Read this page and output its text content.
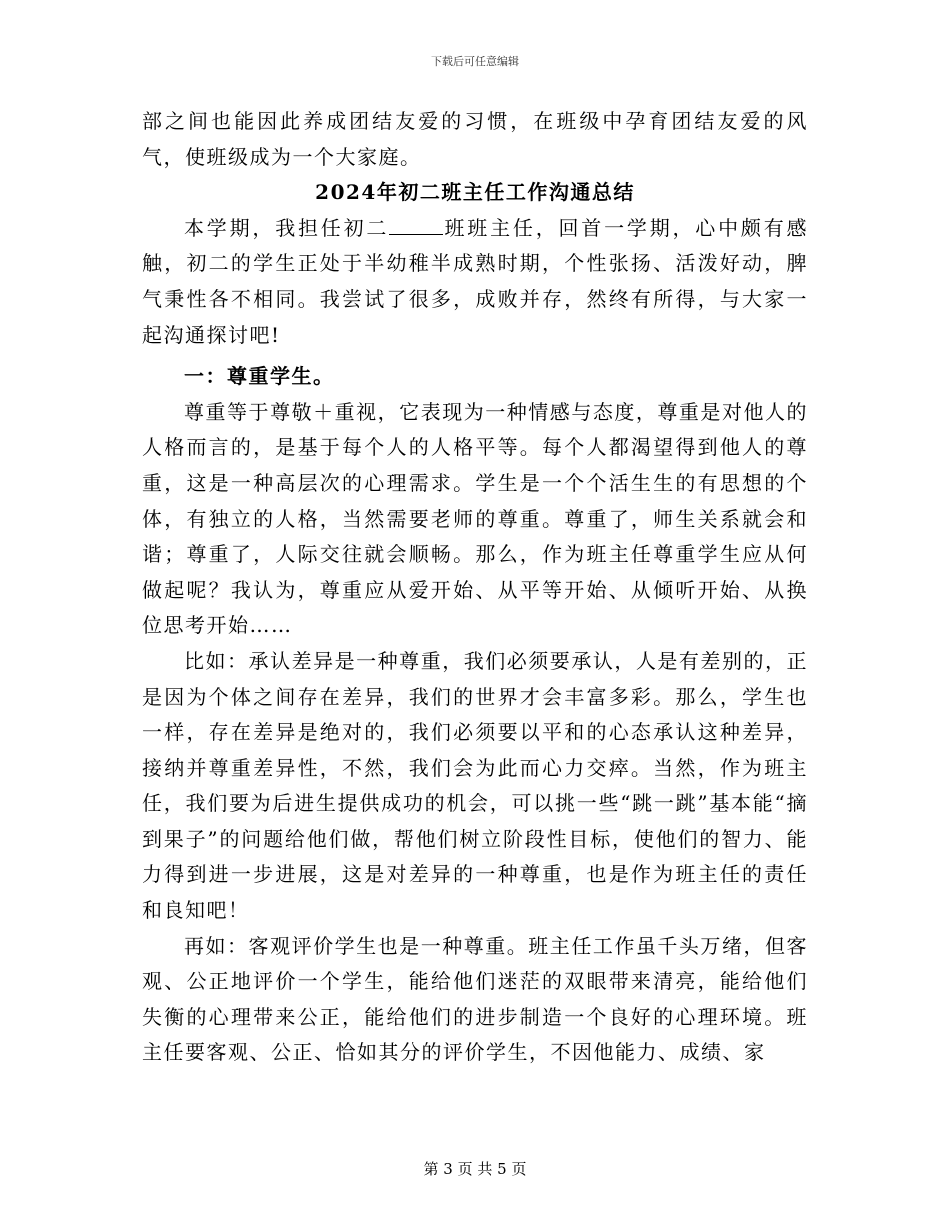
下载后可任意编辑

部之间也能因此养成团结友爱的习惯，在班级中孕育团结友爱的风气，使班级成为一个大家庭。

2024年初二班主任工作沟通总结

本学期，我担任初二	班班主任，回首一学期，心中颇有感触，初二的学生正处于半幼稚半成熟时期，个性张扬、活泼好动，脾气秉性各不相同。我尝试了很多，成败并存，然终有所得，与大家一起沟通探讨吧!

一：尊重学生。

尊重等于尊敬＋重视，它表现为一种情感与态度，尊重是对他人的人格而言的，是基于每个人的人格平等。每个人都渴望得到他人的尊重，这是一种高层次的心理需求。学生是一个个活生生的有思想的个体，有独立的人格，当然需要老师的尊重。尊重了，师生关系就会和谐；尊重了，人际交往就会顺畅。那么，作为班主任尊重学生应从何做起呢？我认为，尊重应从爱开始、从平等开始、从倾听开始、从换位思考开始……

比如：承认差异是一种尊重，我们必须要承认，人是有差别的，正是因为个体之间存在差异，我们的世界才会丰富多彩。那么，学生也一样，存在差异是绝对的，我们必须要以平和的心态承认这种差异，接纳并尊重差异性，不然，我们会为此而心力交瘁。当然，作为班主任，我们要为后进生提供成功的机会，可以挑一些“跳一跳”基本能“摘到果子”的问题给他们做，帮他们树立阶段性目标，使他们的智力、能力得到进一步进展，这是对差异的一种尊重，也是作为班主任的责任和良知吧！

再如：客观评价学生也是一种尊重。班主任工作虽千头万绪，但客观、公正地评价一个学生，能给他们迷茫的双眼带来清亮，能给他们失衡的心理带来公正，能给他们的进步制造一个良好的心理环境。班主任要客观、公正、恰如其分的评价学生，不因他能力、成绩、家

第 3 页 共 5 页
